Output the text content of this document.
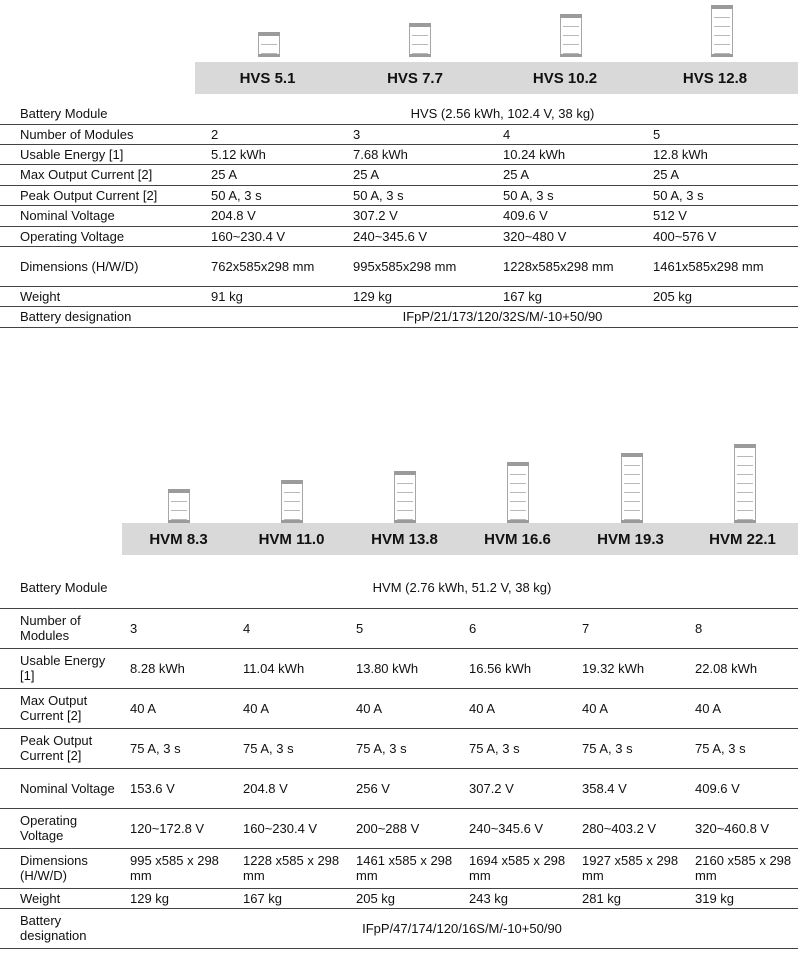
HVS 5.1	HVS 7.7	HVS 10.2	HVS 12.8
Battery Module	HVS (2.56 kWh, 102.4 V, 38 kg)			
Number of Modules	2	3	4	5
Usable Energy [1]	5.12 kWh	7.68 kWh	10.24 kWh	12.8 kWh
Max Output Current [2]	25 A	25 A	25 A	25 A
Peak Output Current [2]	50 A, 3 s	50 A, 3 s	50 A, 3 s	50 A, 3 s
Nominal Voltage	204.8 V	307.2 V	409.6 V	512 V
Operating Voltage	160~230.4 V	240~345.6 V	320~480 V	400~576 V
Dimensions (H/W/D)	762x585x298 mm	995x585x298 mm	1228x585x298 mm	1461x585x298 mm
Weight	91 kg	129 kg	167 kg	205 kg
Battery designation	IFpP/21/173/120/32S/M/-10+50/90			
HVM 8.3	HVM 11.0	HVM 13.8	HVM 16.6	HVM 19.3	HVM 22.1
Battery Module	HVM (2.76 kWh, 51.2 V, 38 kg)					
Number of Modules	3	4	5	6	7	8
Usable Energy [1]	8.28 kWh	11.04 kWh	13.80 kWh	16.56 kWh	19.32 kWh	22.08 kWh
Max Output Current [2]	40 A	40 A	40 A	40 A	40 A	40 A
Peak Output Current [2]	75 A, 3 s	75 A, 3 s	75 A, 3 s	75 A, 3 s	75 A, 3 s	75 A, 3 s
Nominal Voltage	153.6 V	204.8 V	256 V	307.2 V	358.4 V	409.6 V
Operating Voltage	120~172.8 V	160~230.4 V	200~288 V	240~345.6 V	280~403.2 V	320~460.8 V
Dimensions (H/W/D)	995 x585 x 298 mm	1228 x585 x 298 mm	1461 x585 x 298 mm	1694 x585 x 298 mm	1927 x585 x 298 mm	2160 x585 x 298 mm
Weight	129 kg	167 kg	205 kg	243 kg	281 kg	319 kg
Battery designation	IFpP/47/174/120/16S/M/-10+50/90					
